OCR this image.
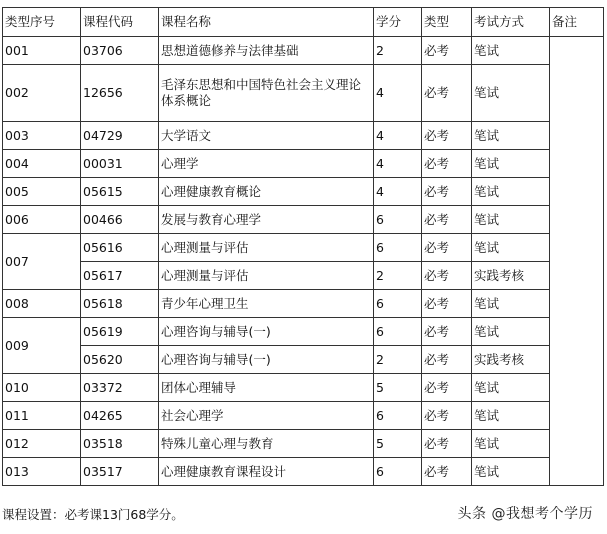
类型序号	课程代码	课程名称	学分	类型	考试方式	备注
001	03706	思想道德修养与法律基础	2	必考	笔试	
002	12656	毛泽东思想和中国特色社会主义理论体系概论	4	必考	笔试	
003	04729	大学语文	4	必考	笔试	
004	00031	心理学	4	必考	笔试	
005	05615	心理健康教育概论	4	必考	笔试	
006	00466	发展与教育心理学	6	必考	笔试	
007	05616	心理测量与评估	6	必考	笔试	
	05617	心理测量与评估	2	必考	实践考核	
008	05618	青少年心理卫生	6	必考	笔试	
009	05619	心理咨询与辅导(一)	6	必考	笔试	
	05620	心理咨询与辅导(一)	2	必考	实践考核	
010	03372	团体心理辅导	5	必考	笔试	
011	04265	社会心理学	6	必考	笔试	
012	03518	特殊儿童心理与教育	5	必考	笔试	
013	03517	心理健康教育课程设计	6	必考	笔试	
课程设置：必考课13门68学分。	头条 @我想考个学历
